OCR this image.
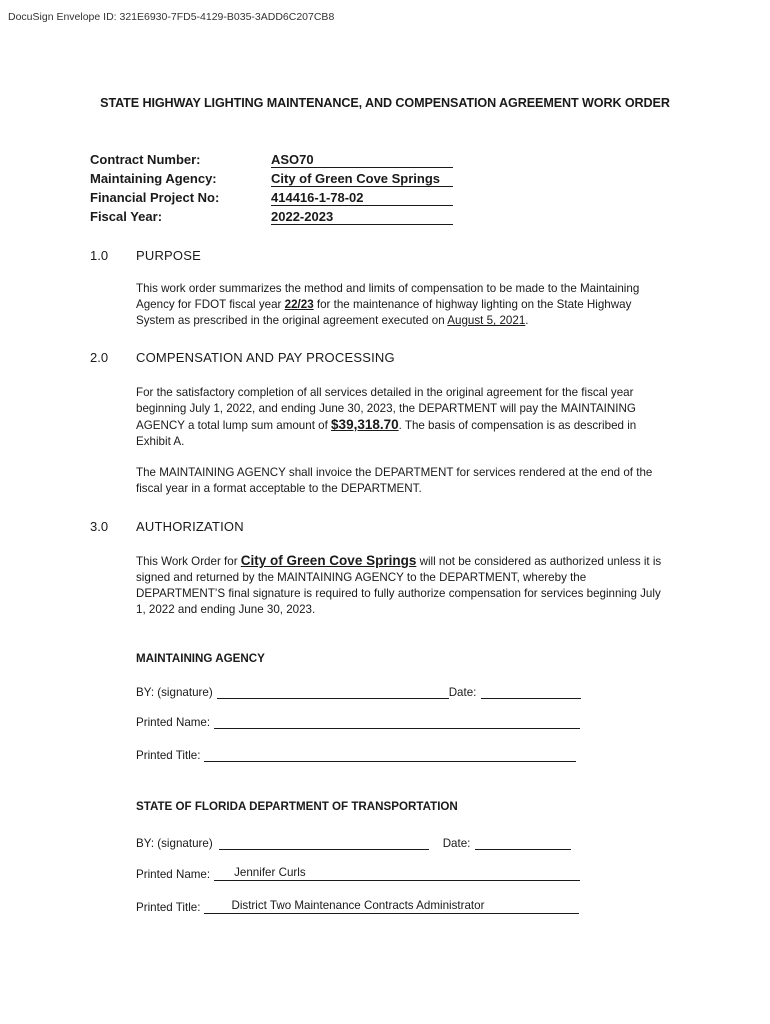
DocuSign Envelope ID: 321E6930-7FD5-4129-B035-3ADD6C207CB8
STATE HIGHWAY LIGHTING MAINTENANCE, AND COMPENSATION AGREEMENT WORK ORDER
Contract Number:	ASO70
Maintaining Agency:	City of Green Cove Springs
Financial Project No:	414416-1-78-02
Fiscal Year:	2022-2023
1.0 PURPOSE
This work order summarizes the method and limits of compensation to be made to the Maintaining Agency for FDOT fiscal year 22/23 for the maintenance of highway lighting on the State Highway System as prescribed in the original agreement executed on August 5, 2021.
2.0 COMPENSATION AND PAY PROCESSING
For the satisfactory completion of all services detailed in the original agreement for the fiscal year beginning July 1, 2022, and ending June 30, 2023, the DEPARTMENT will pay the MAINTAINING AGENCY a total lump sum amount of $39,318.70. The basis of compensation is as described in Exhibit A.
The MAINTAINING AGENCY shall invoice the DEPARTMENT for services rendered at the end of the fiscal year in a format acceptable to the DEPARTMENT.
3.0 AUTHORIZATION
This Work Order for City of Green Cove Springs will not be considered as authorized unless it is signed and returned by the MAINTAINING AGENCY to the DEPARTMENT, whereby the DEPARTMENT’S final signature is required to fully authorize compensation for services beginning July 1, 2022 and ending June 30, 2023.
MAINTAINING AGENCY
BY: (signature)	Date:
Printed Name:
Printed Title:
STATE OF FLORIDA DEPARTMENT OF TRANSPORTATION
BY: (signature)	Date:
Printed Name:	Jennifer Curls
Printed Title:	District Two Maintenance Contracts Administrator
